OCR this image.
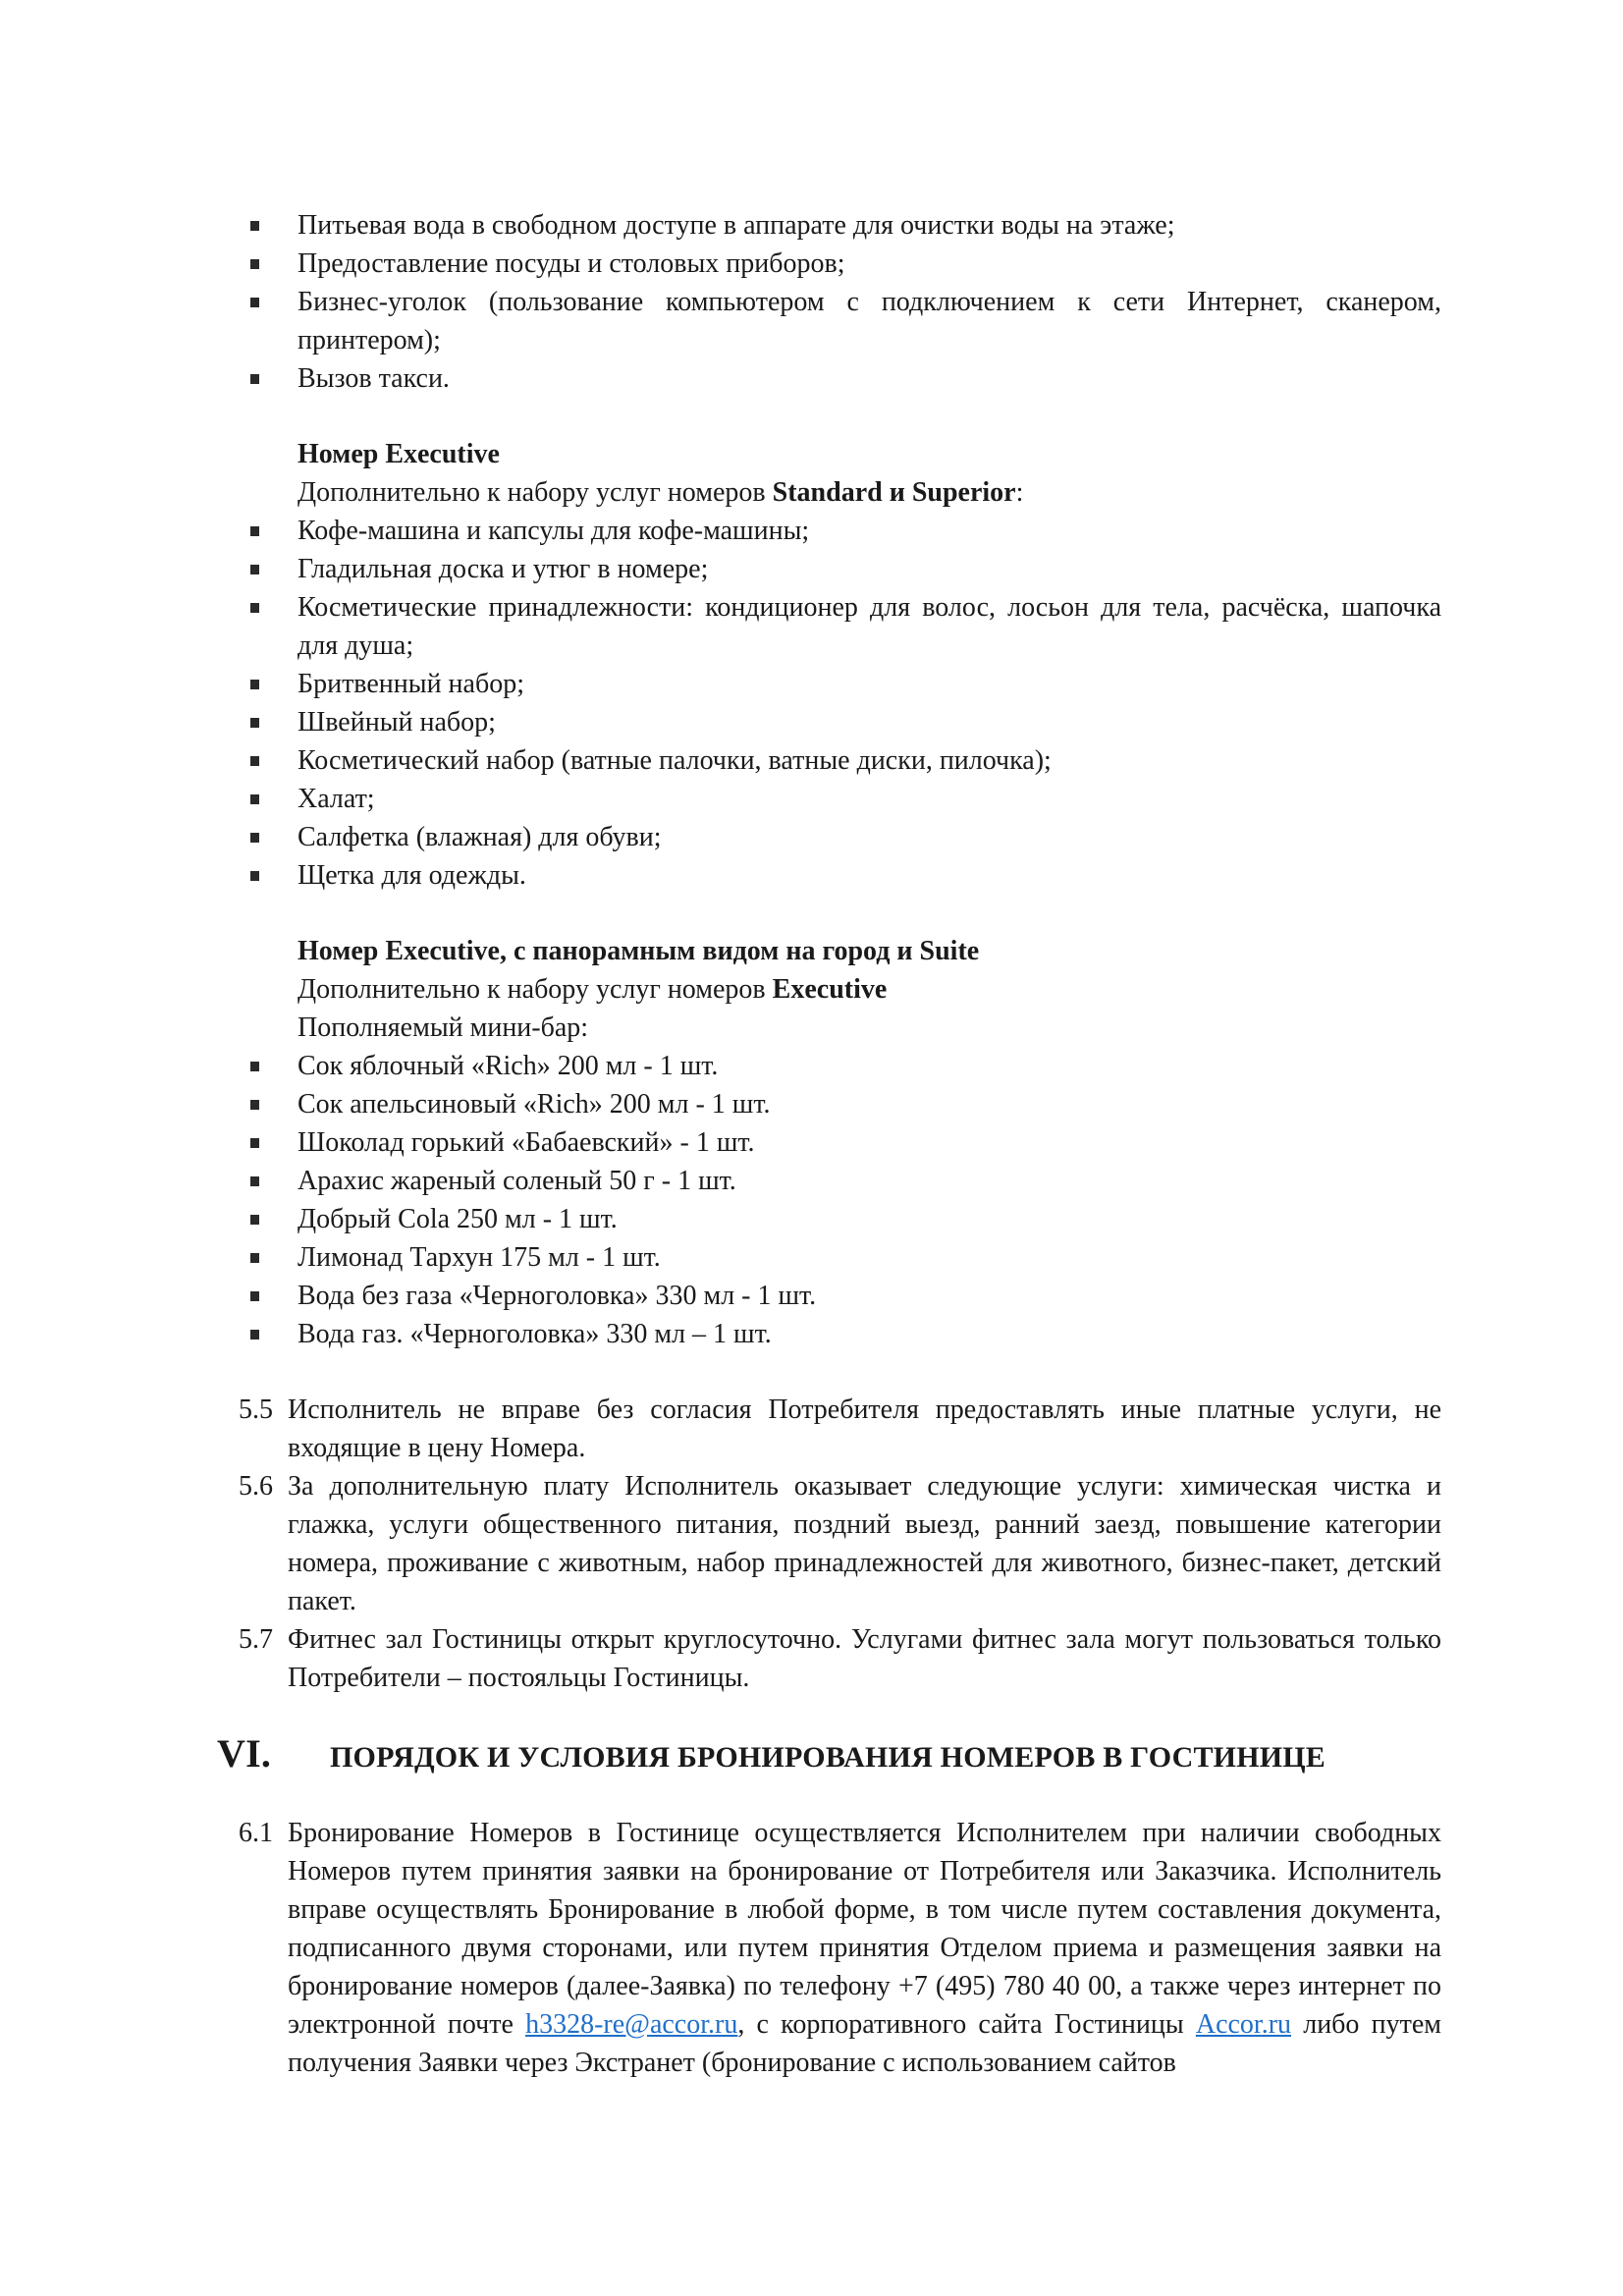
Питьевая вода в свободном доступе в аппарате для очистки воды на этаже;
Предоставление посуды и столовых приборов;
Бизнес-уголок (пользование компьютером с подключением к сети Интернет, сканером, принтером);
Вызов такси.
Номер Executive
Дополнительно к набору услуг номеров Standard и Superior:
Кофе-машина и капсулы для кофе-машины;
Гладильная доска и утюг в номере;
Косметические принадлежности: кондиционер для волос, лосьон для тела, расчёска, шапочка для душа;
Бритвенный набор;
Швейный набор;
Косметический набор (ватные палочки, ватные диски, пилочка);
Халат;
Салфетка (влажная) для обуви;
Щетка для одежды.
Номер Executive, с панорамным видом на город и Suite
Дополнительно к набору услуг номеров Executive
Пополняемый мини-бар:
Сок яблочный «Rich» 200 мл - 1 шт.
Сок апельсиновый «Rich» 200 мл - 1 шт.
Шоколад горький «Бабаевский» - 1 шт.
Арахис жареный соленый 50 г - 1 шт.
Добрый Cola 250 мл - 1 шт.
Лимонад Тархун 175 мл - 1 шт.
Вода без газа «Черноголовка» 330 мл - 1 шт.
Вода газ. «Черноголовка» 330 мл – 1 шт.
5.5 Исполнитель не вправе без согласия Потребителя предоставлять иные платные услуги, не входящие в цену Номера.
5.6 За дополнительную плату Исполнитель оказывает следующие услуги: химическая чистка и глажка, услуги общественного питания, поздний выезд, ранний заезд, повышение категории номера, проживание с животным, набор принадлежностей для животного, бизнес-пакет, детский пакет.
5.7 Фитнес зал Гостиницы открыт круглосуточно. Услугами фитнес зала могут пользоваться только Потребители – постояльцы Гостиницы.
VI.	ПОРЯДОК И УСЛОВИЯ БРОНИРОВАНИЯ НОМЕРОВ В ГОСТИНИЦЕ
6.1 Бронирование Номеров в Гостинице осуществляется Исполнителем при наличии свободных Номеров путем принятия заявки на бронирование от Потребителя или Заказчика. Исполнитель вправе осуществлять Бронирование в любой форме, в том числе путем составления документа, подписанного двумя сторонами, или путем принятия Отделом приема и размещения заявки на бронирование номеров (далее-Заявка) по телефону +7 (495) 780 40 00, а также через интернет по электронной почте h3328-re@accor.ru, с корпоративного сайта Гостиницы Accor.ru либо путем получения Заявки через Экстранет (бронирование с использованием сайтов
